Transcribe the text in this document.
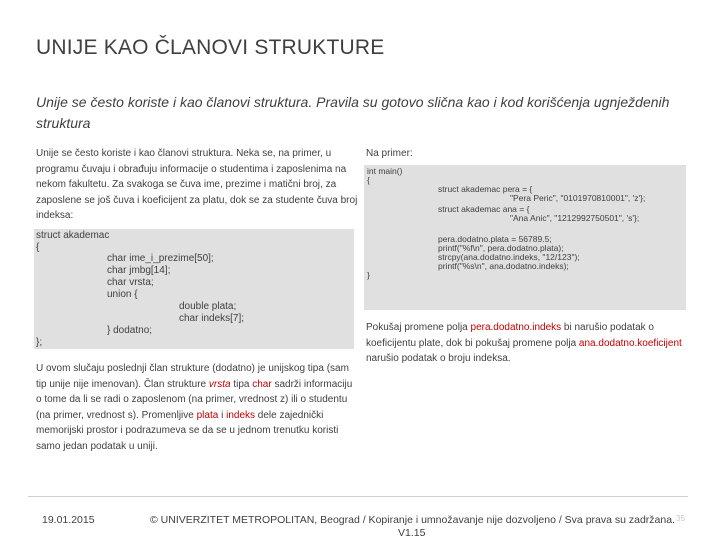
UNIJE KAO ČLANOVI STRUKTURE
Unije se često koriste i kao članovi struktura. Pravila su gotovo slična kao i kod korišćenja ugnježdenih struktura
Unije se često koriste i kao članovi struktura. Neka se, na primer, u programu čuvaju i obrađuju informacije o studentima i zaposlenima na nekom fakultetu. Za svakoga se čuva ime, prezime i matični broj, za zaposlene se još čuva i koeficijent za platu, dok se za studente čuva broj indeksa:
struct akademac
{
char ime_i_prezime[50];
char jmbg[14];
char vrsta;
union {
double plata;
char indeks[7];
} dodatno;
};
U ovom slučaju poslednji član strukture (dodatno) je unijskog tipa (sam tip unije nije imenovan). Član strukture vrsta tipa char sadrži informaciju o tome da li se radi o zaposlenom (na primer, vrednost z) ili o studentu (na primer, vrednost s). Promenljive plata i indeks dele zajednički memorijski prostor i podrazumeva se da se u jednom trenutku koristi samo jedan podatak u uniji.
Na primer:
int main()
{
struct akademac pera = {
"Pera Peric", "0101970810001", 'z'};
struct akademac ana = {
"Ana Anic", "1212992750501", 's'};
pera.dodatno.plata = 56789.5;
printf("%f\n", pera.dodatno.plata);
strcpy(ana.dodatno.indeks, "12/123");
printf("%s\n", ana.dodatno.indeks);
}
Pokušaj promene polja pera.dodatno.indeks bi narušio podatak o koeficijentu plate, dok bi pokušaj promene polja ana.dodatno.koeficijent narušio podatak o broju indeksa.
19.01.2015	© UNIVERZITET METROPOLITAN, Beograd / Kopiranje i umnožavanje nije dozvoljeno / Sva prava su zadržana.
V1.15
35
